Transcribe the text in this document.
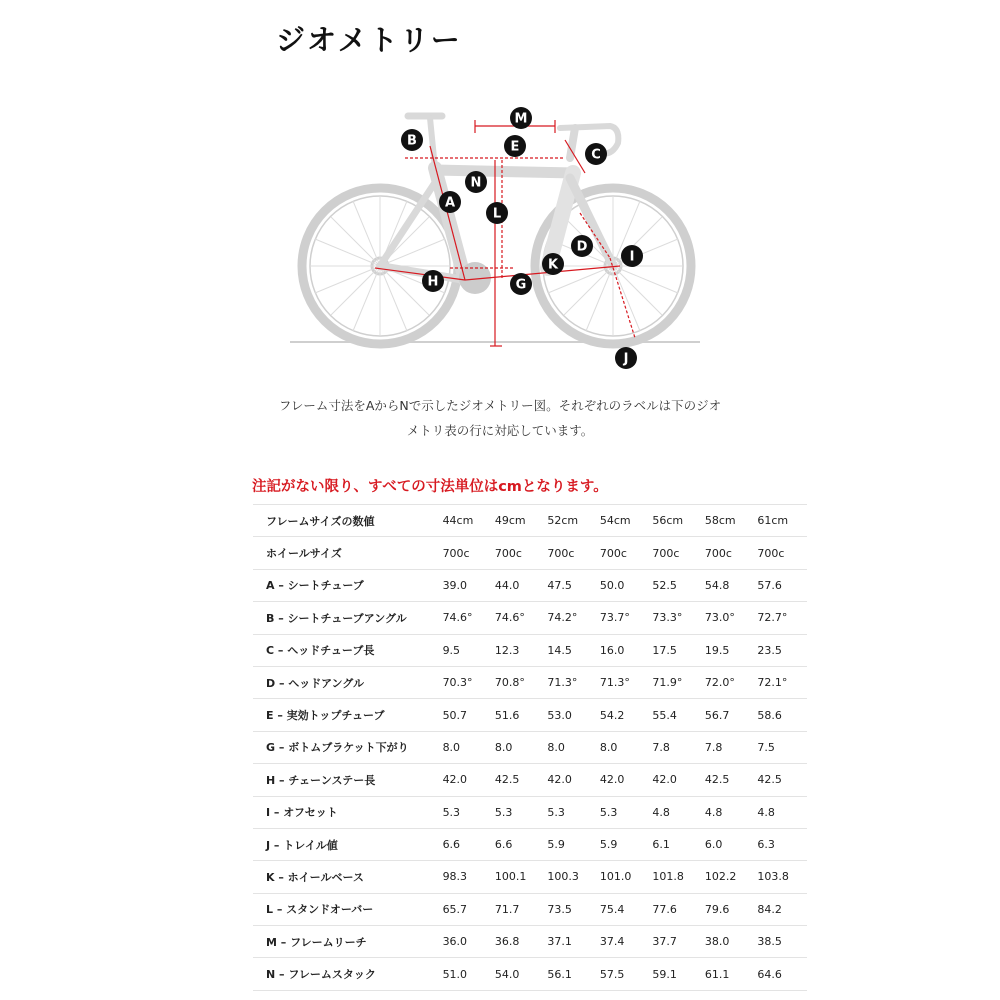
ジオメトリー
TREK
M
B	E
C
N
A
L
D
I
K
H	G
J
フレーム寸法をAからNで示したジオメトリー図。それぞれのラベルは下のジオ
メトリ表の行に対応しています。
注記がない限り、すべての寸法単位はcmとなります。
フレームサイズの数値	44cm	49cm	52cm	54cm	56cm	58cm	61cm
ホイールサイズ	700c	700c	700c	700c	700c	700c	700c
A – シートチューブ	39.0	44.0	47.5	50.0	52.5	54.8	57.6
B – シートチューブアングル	74.6°	74.6°	74.2°	73.7°	73.3°	73.0°	72.7°
C – ヘッドチューブ長	9.5	12.3	14.5	16.0	17.5	19.5	23.5
D – ヘッドアングル	70.3°	70.8°	71.3°	71.3°	71.9°	72.0°	72.1°
E – 実効トップチューブ	50.7	51.6	53.0	54.2	55.4	56.7	58.6
G – ボトムブラケット下がり	8.0	8.0	8.0	8.0	7.8	7.8	7.5
H – チェーンステー長	42.0	42.5	42.0	42.0	42.0	42.5	42.5
I – オフセット	5.3	5.3	5.3	5.3	4.8	4.8	4.8
J – トレイル値	6.6	6.6	5.9	5.9	6.1	6.0	6.3
K – ホイールベース	98.3	100.1	100.3	101.0	101.8	102.2	103.8
L – スタンドオーバー	65.7	71.7	73.5	75.4	77.6	79.6	84.2
M – フレームリーチ	36.0	36.8	37.1	37.4	37.7	38.0	38.5
N – フレームスタック	51.0	54.0	56.1	57.5	59.1	61.1	64.6
